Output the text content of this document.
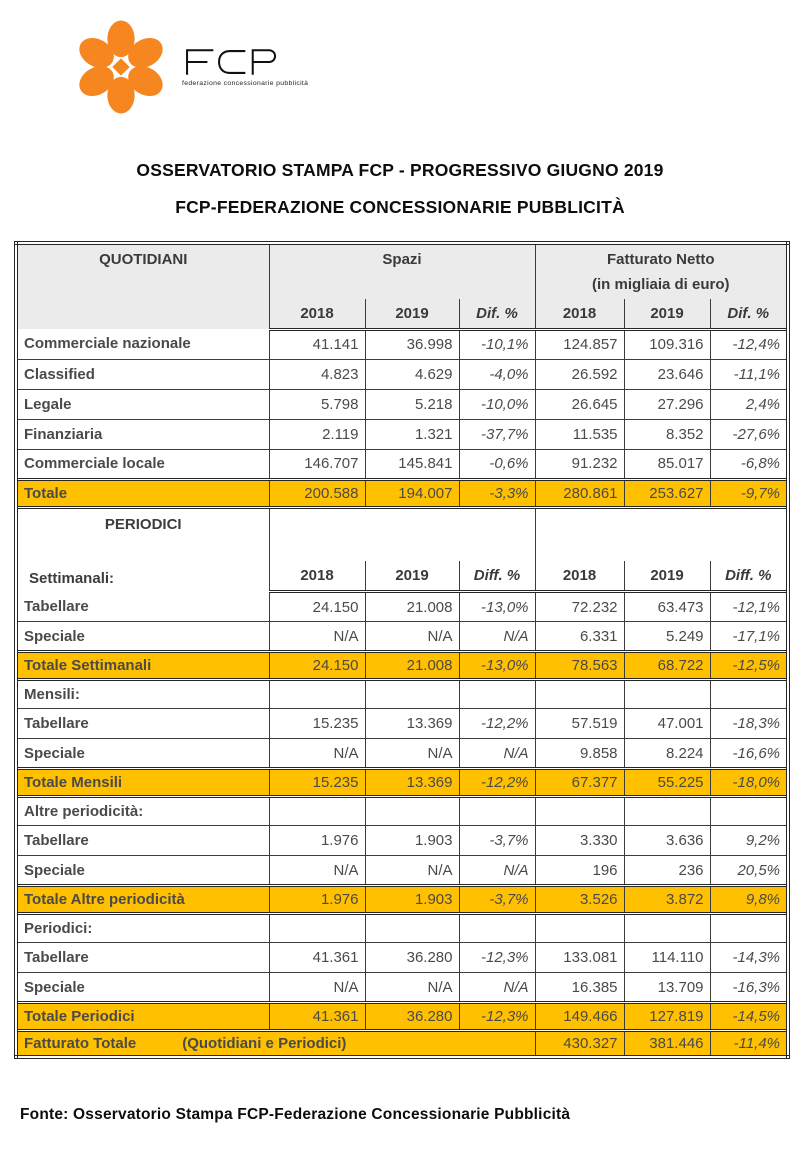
federazione concessionarie pubblicità
OSSERVATORIO STAMPA FCP - PROGRESSIVO GIUGNO 2019
FCP-FEDERAZIONE CONCESSIONARIE PUBBLICITÀ
QUOTIDIANI	Spazi			Fatturato Netto
(in migliaia di euro)		

	2018	2019	Dif. %	2018	2019	Dif. %
Commerciale nazionale	41.141	36.998	-10,1%	124.857	109.316	-12,4%
Classified	4.823	4.629	-4,0%	26.592	23.646	-11,1%
Legale	5.798	5.218	-10,0%	26.645	27.296	2,4%
Finanziaria	2.119	1.321	-37,7%	11.535	8.352	-27,6%
Commerciale locale	146.707	145.841	-0,6%	91.232	85.017	-6,8%
Totale	200.588	194.007	-3,3%	280.861	253.627	-9,7%

PERIODICI
Settimanali:						

	2018	2019	Diff. %	2018	2019	Diff. %
Tabellare	24.150	21.008	-13,0%	72.232	63.473	-12,1%
Speciale	N/A	N/A	N/A	6.331	5.249	-17,1%
Totale Settimanali	24.150	21.008	-13,0%	78.563	68.722	-12,5%
Mensili:						
Tabellare	15.235	13.369	-12,2%	57.519	47.001	-18,3%
Speciale	N/A	N/A	N/A	9.858	8.224	-16,6%
Totale Mensili	15.235	13.369	-12,2%	67.377	55.225	-18,0%
Altre periodicità:						
Tabellare	1.976	1.903	-3,7%	3.330	3.636	9,2%
Speciale	N/A	N/A	N/A	196	236	20,5%
Totale Altre periodicità	1.976	1.903	-3,7%	3.526	3.872	9,8%
Periodici:						
Tabellare	41.361	36.280	-12,3%	133.081	114.110	-14,3%
Speciale	N/A	N/A	N/A	16.385	13.709	-16,3%
Totale Periodici	41.361	36.280	-12,3%	149.466	127.819	-14,5%

Fatturato Totale (Quotidiani e Periodici)				430.327	381.446	-11,4%
Fonte: Osservatorio Stampa FCP-Federazione Concessionarie Pubblicità
